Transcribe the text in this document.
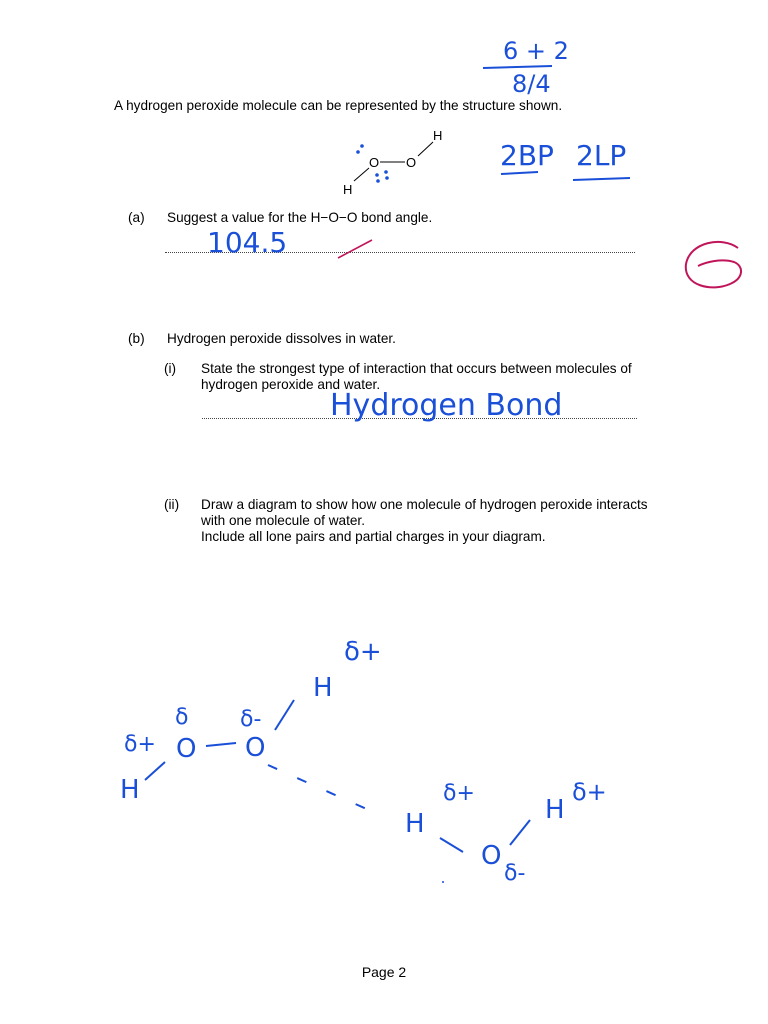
A hydrogen peroxide molecule can be represented by the structure shown.
(a) Suggest a value for the H−O−O bond angle.
(b) Hydrogen peroxide dissolves in water.
(i) State the strongest type of interaction that occurs between molecules of
hydrogen peroxide and water.
(ii) Draw a diagram to show how one molecule of hydrogen peroxide interacts
with one molecule of water.
Include all lone pairs and partial charges in your diagram.
Page 2
H
O
O
H
6 + 2
8/4
2BP 2LP
104.5
Hydrogen Bond
δ+
H
δ-
δ
O O
δ+
H	δ+
H
O
δ-
H
δ+
